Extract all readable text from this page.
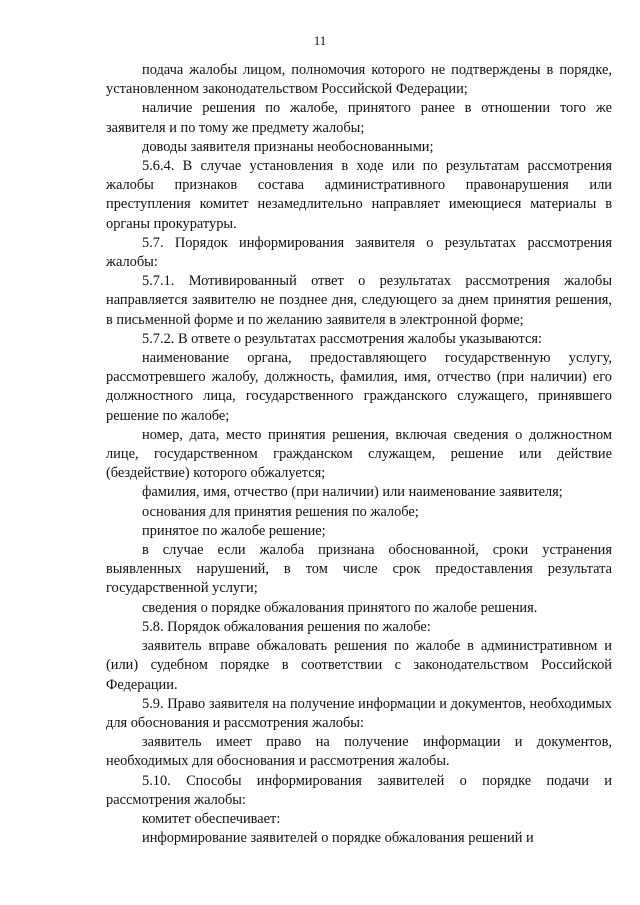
11

подача жалобы лицом, полномочия которого не подтверждены в порядке, установленном законодательством Российской Федерации;

наличие решения по жалобе, принятого ранее в отношении того же заявителя и по тому же предмету жалобы;

доводы заявителя признаны необоснованными;

5.6.4. В случае установления в ходе или по результатам рассмотрения жалобы признаков состава административного правонарушения или преступления комитет незамедлительно направляет имеющиеся материалы в органы прокуратуры.

5.7. Порядок информирования заявителя о результатах рассмотрения жалобы:

5.7.1. Мотивированный ответ о результатах рассмотрения жалобы направляется заявителю не позднее дня, следующего за днем принятия решения, в письменной форме и по желанию заявителя в электронной форме;

5.7.2. В ответе о результатах рассмотрения жалобы указываются:

наименование органа, предоставляющего государственную услугу, рассмотревшего жалобу, должность, фамилия, имя, отчество (при наличии) его должностного лица, государственного гражданского служащего, принявшего решение по жалобе;

номер, дата, место принятия решения, включая сведения о должностном лице, государственном гражданском служащем, решение или действие (бездействие) которого обжалуется;

фамилия, имя, отчество (при наличии) или наименование заявителя;

основания для принятия решения по жалобе;

принятое по жалобе решение;

в случае если жалоба признана обоснованной, сроки устранения выявленных нарушений, в том числе срок предоставления результата государственной услуги;

сведения о порядке обжалования принятого по жалобе решения.

5.8. Порядок обжалования решения по жалобе:

заявитель вправе обжаловать решения по жалобе в административном и (или) судебном порядке в соответствии с законодательством Российской Федерации.

5.9. Право заявителя на получение информации и документов, необходимых для обоснования и рассмотрения жалобы:

заявитель имеет право на получение информации и документов, необходимых для обоснования и рассмотрения жалобы.

5.10. Способы информирования заявителей о порядке подачи и рассмотрения жалобы:

комитет обеспечивает:

информирование заявителей о порядке обжалования решений и
